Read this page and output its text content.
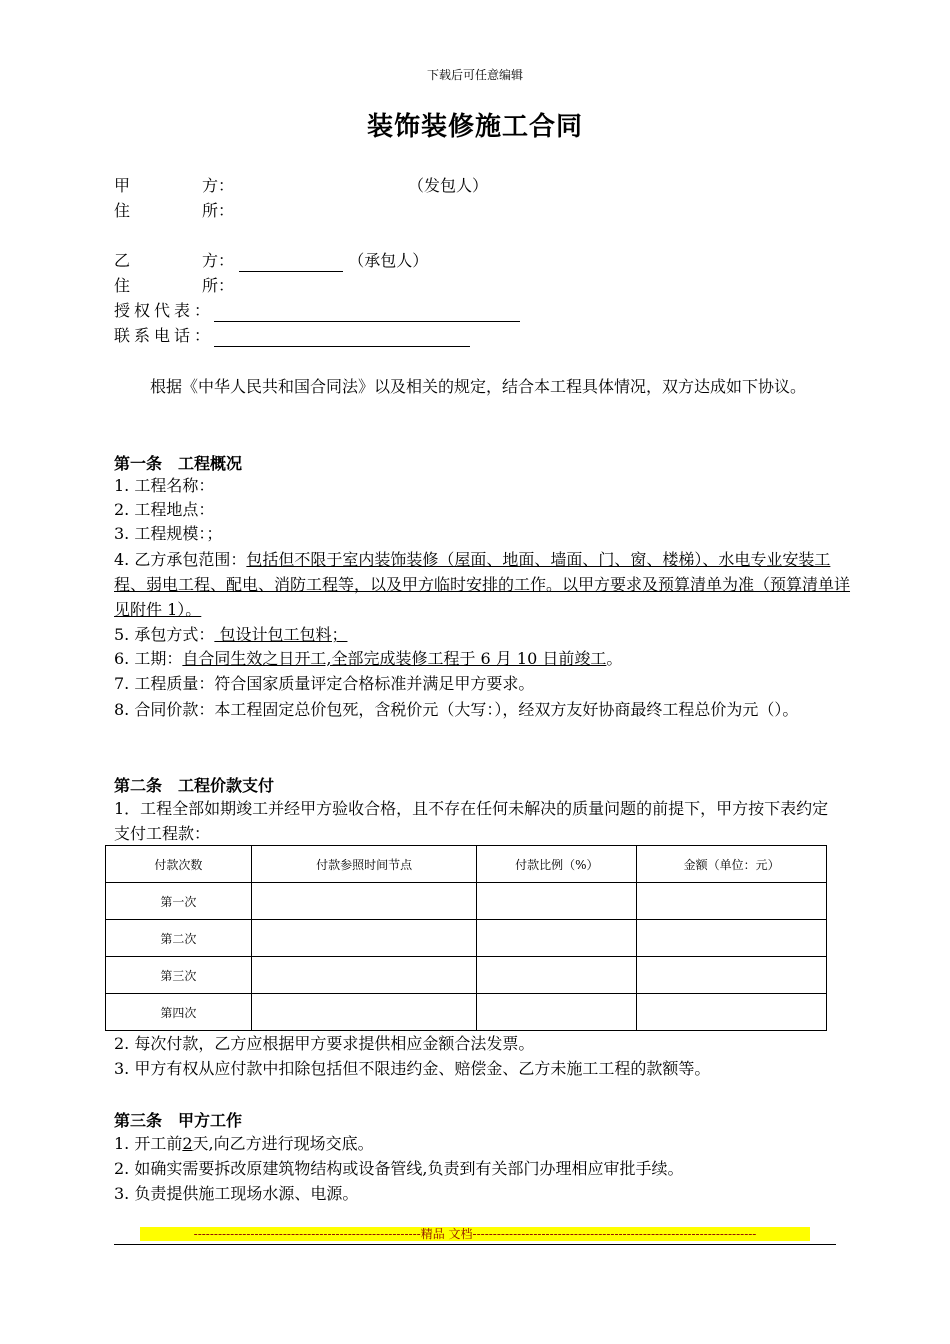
下载后可任意编辑
装饰装修施工合同
甲	方：	（发包人）
住	所：
乙	方：	（承包人）
住	所：
授权代表：
联系电话：
根据《中华人民共和国合同法》以及相关的规定，结合本工程具体情况，双方达成如下协议。
第一条　工程概况
1. 工程名称：
2. 工程地点：
3. 工程规模：；
4. 乙方承包范围：包括但不限于室内装饰装修（屋面、地面、墙面、门、窗、楼梯）、水电专业安装工程、弱电工程、配电、消防工程等，以及甲方临时安排的工作。以甲方要求及预算清单为准（预算清单详见附件 1）。
5. 承包方式： 包设计包工包料；
6. 工期：自合同生效之日开工,全部完成装修工程于 6 月 10 日前竣工。
7. 工程质量：符合国家质量评定合格标准并满足甲方要求。
8. 合同价款：本工程固定总价包死，含税价元（大写：），经双方友好协商最终工程总价为元（）。
第二条　工程价款支付
1．工程全部如期竣工并经甲方验收合格，且不存在任何未解决的质量问题的前提下，甲方按下表约定支付工程款：
付款次数	付款参照时间节点	付款比例（%）	金额（单位：元）
第一次			
第二次			
第三次			
第四次			
2. 每次付款，乙方应根据甲方要求提供相应金额合法发票。
3. 甲方有权从应付款中扣除包括但不限违约金、赔偿金、乙方未施工工程的款额等。
第三条　甲方工作
1. 开工前2天,向乙方进行现场交底。
2. 如确实需要拆改原建筑物结构或设备管线,负责到有关部门办理相应审批手续。
3. 负责提供施工现场水源、电源。
--------------------------------------------------------精品 文档----------------------------------------------------------------------
